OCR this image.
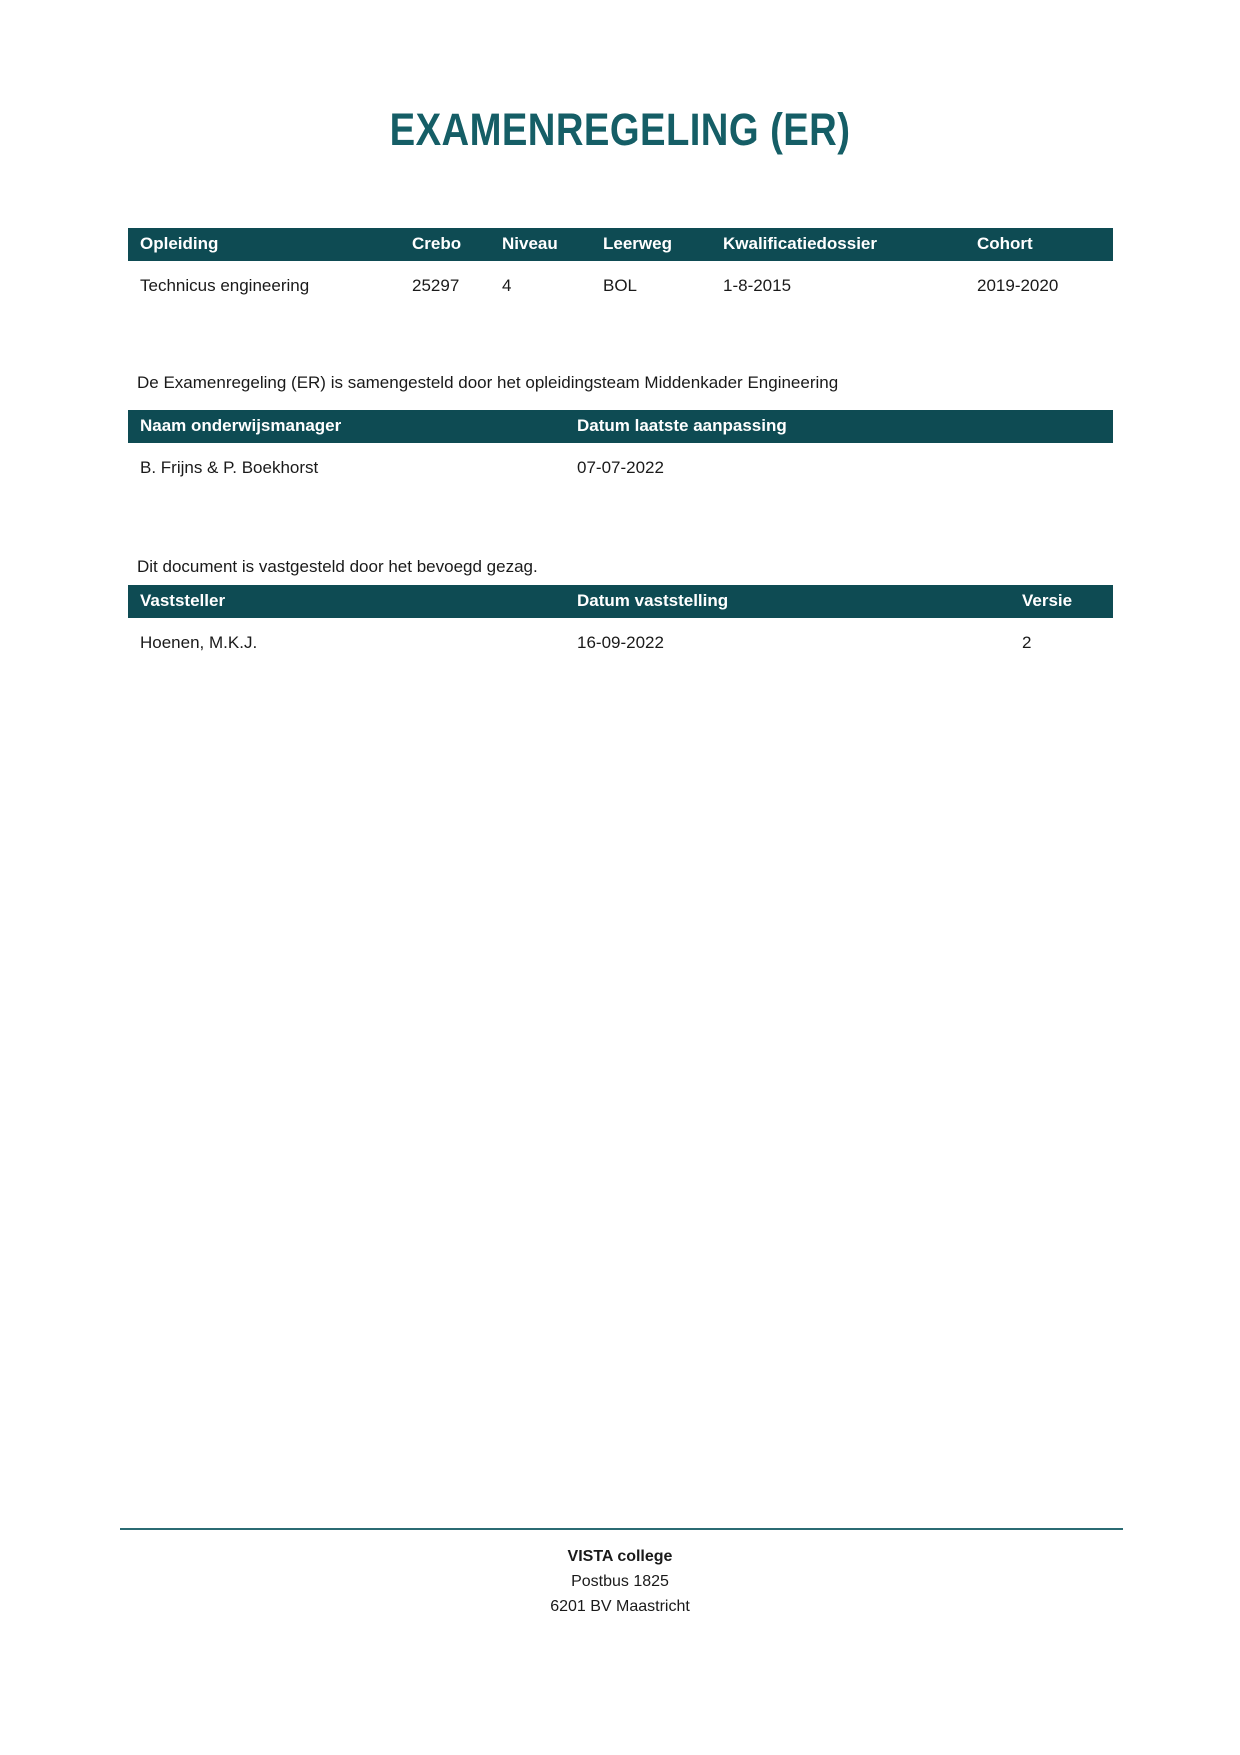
EXAMENREGELING (ER)
Opleiding	Crebo	Niveau	Leerweg	Kwalificatiedossier	Cohort
Technicus engineering	25297	4	BOL	1-8-2015	2019-2020

De Examenregeling (ER) is samengesteld door het opleidingsteam Middenkader Engineering

Naam onderwijsmanager	Datum laatste aanpassing
B. Frijns & P. Boekhorst	07-07-2022

Dit document is vastgesteld door het bevoegd gezag.

Vaststeller	Datum vaststelling	Versie
Hoenen, M.K.J.	16-09-2022	2
VISTA college
Postbus 1825
6201 BV Maastricht
